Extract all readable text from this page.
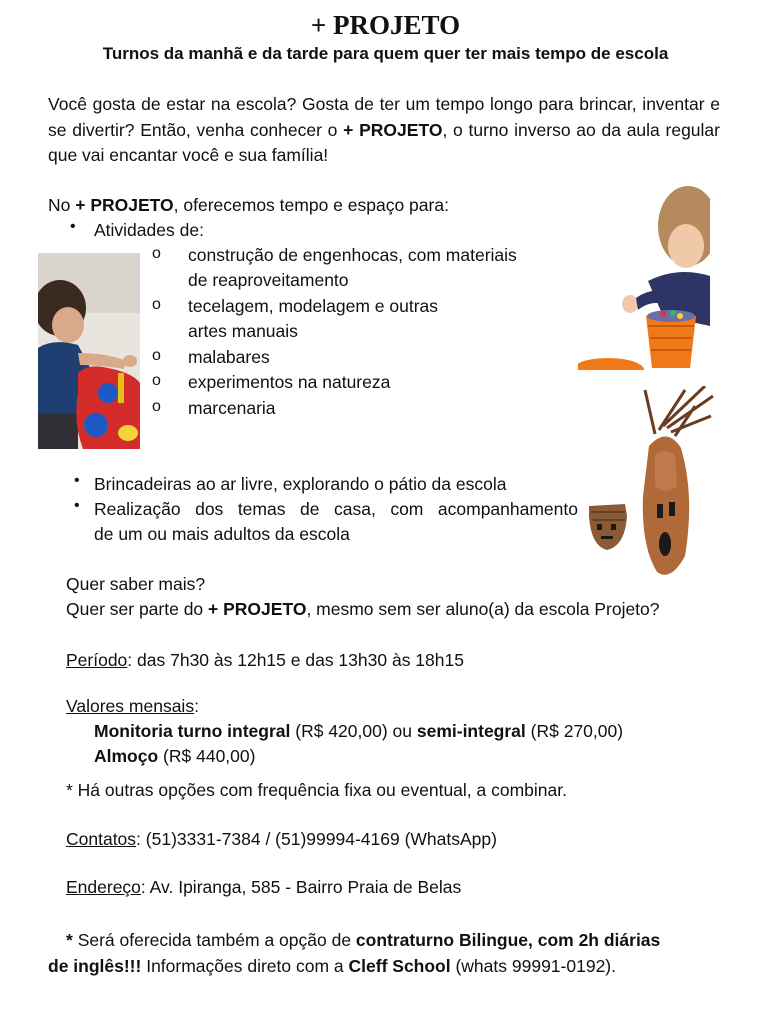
+ PROJETO
Turnos da manhã e da tarde para quem quer ter mais tempo de escola
Você gosta de estar na escola? Gosta de ter um tempo longo para brincar, inventar e se divertir? Então, venha conhecer o + PROJETO, o turno inverso ao da aula regular que vai encantar você e sua família!
No + PROJETO, oferecemos tempo e espaço para:
• Atividades de:
o construção de engenhocas, com materiais
de reaproveitamento
o tecelagem, modelagem e outras
artes manuais
o malabares
o experimentos na natureza
o marcenaria
• Brincadeiras ao ar livre, explorando o pátio da escola
• Realização dos temas de casa, com acompanhamento
de um ou mais adultos da escola
Quer saber mais?
Quer ser parte do + PROJETO, mesmo sem ser aluno(a) da escola Projeto?
Período: das 7h30 às 12h15 e das 13h30 às 18h15
Valores mensais:
Monitoria turno integral (R$ 420,00) ou semi-integral (R$ 270,00)
Almoço (R$ 440,00)
* Há outras opções com frequência fixa ou eventual, a combinar.
Contatos: (51)3331-7384 / (51)99994-4169 (WhatsApp)
Endereço: Av. Ipiranga, 585 - Bairro Praia de Belas
* Será oferecida também a opção de contraturno Bilingue, com 2h diárias
de inglês!!! Informações direto com a Cleff School (whats 99991-0192).
